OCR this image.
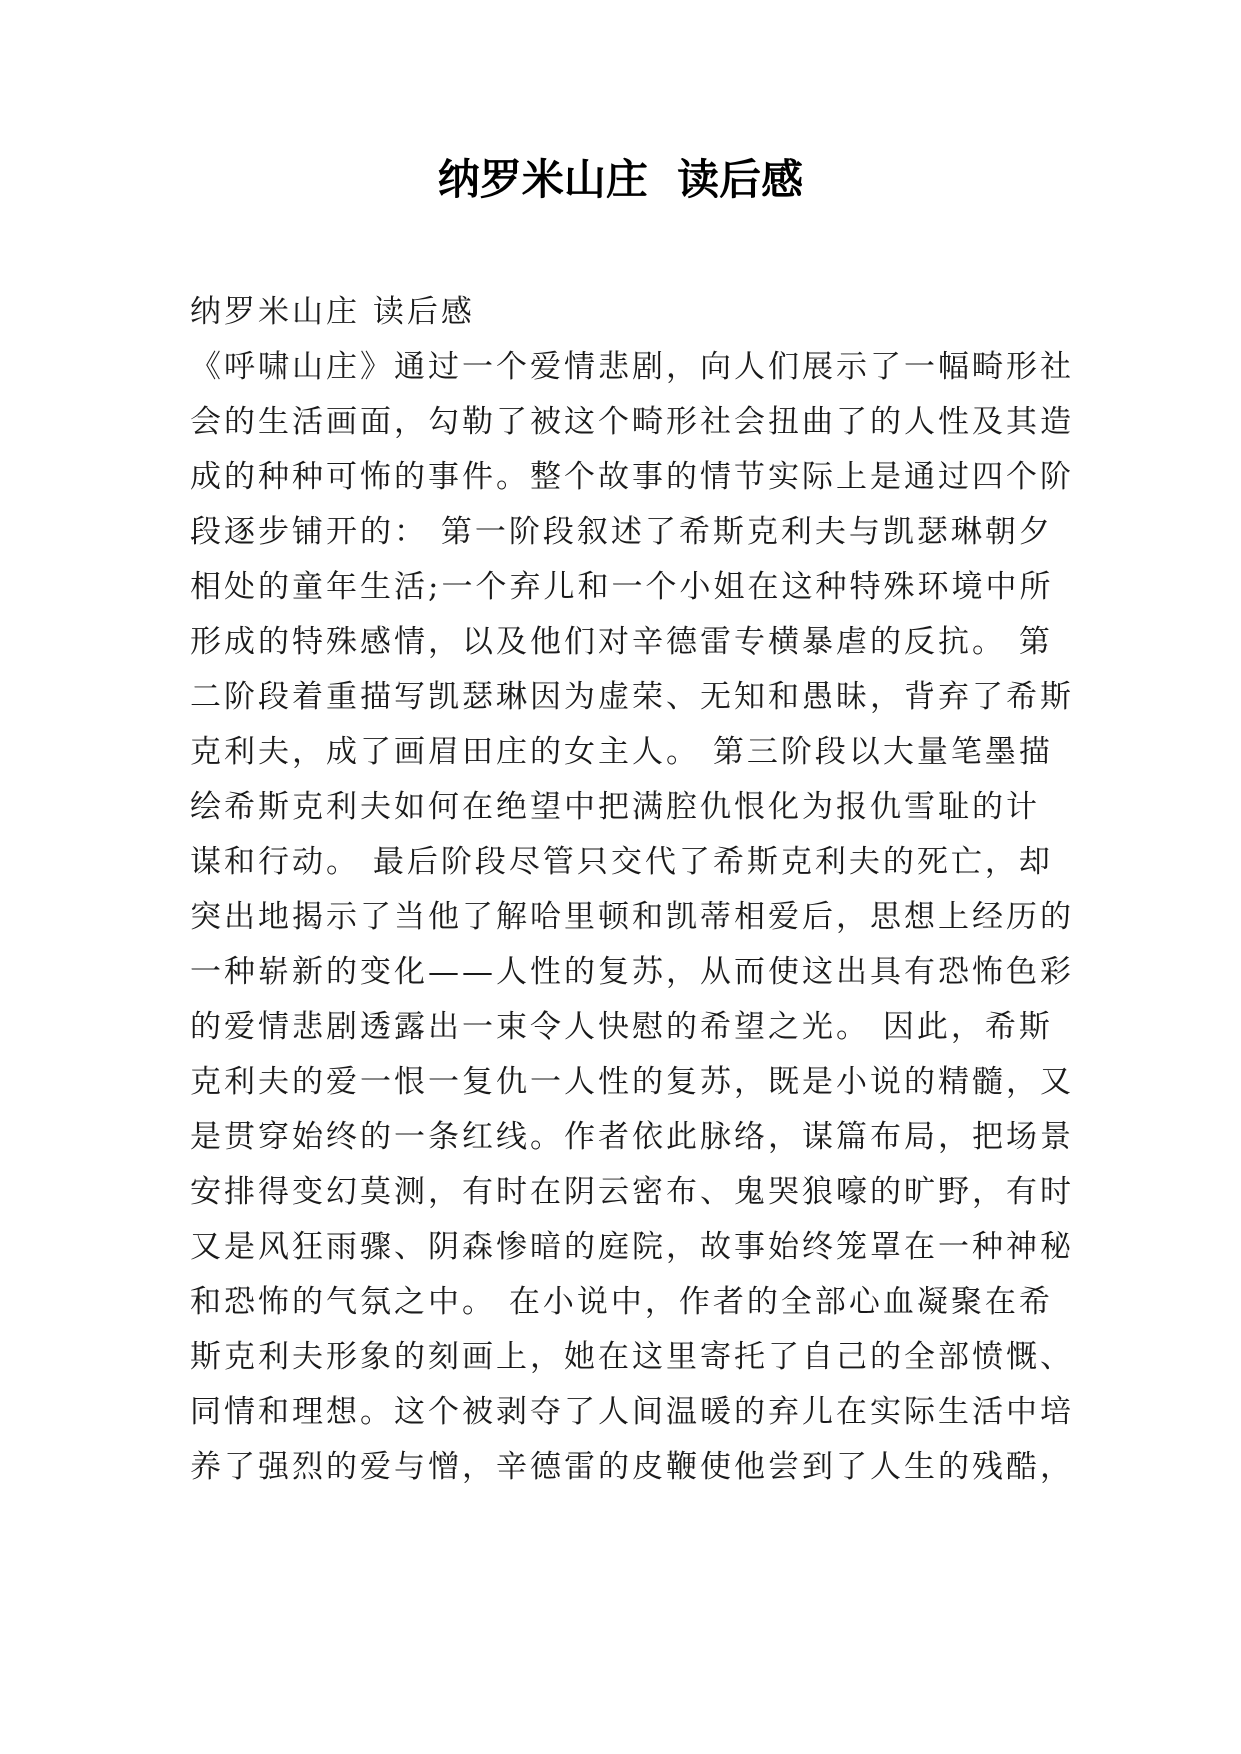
纳罗米山庄  读后感
纳罗米山庄 读后感
《呼啸山庄》通过一个爱情悲剧，向人们展示了一幅畸形社
会的生活画面，勾勒了被这个畸形社会扭曲了的人性及其造
成的种种可怖的事件。整个故事的情节实际上是通过四个阶
段逐步铺开的： 第一阶段叙述了希斯克利夫与凯瑟琳朝夕
相处的童年生活;一个弃儿和一个小姐在这种特殊环境中所
形成的特殊感情，以及他们对辛德雷专横暴虐的反抗。 第
二阶段着重描写凯瑟琳因为虚荣、无知和愚昧，背弃了希斯
克利夫，成了画眉田庄的女主人。 第三阶段以大量笔墨描
绘希斯克利夫如何在绝望中把满腔仇恨化为报仇雪耻的计
谋和行动。 最后阶段尽管只交代了希斯克利夫的死亡，却
突出地揭示了当他了解哈里顿和凯蒂相爱后，思想上经历的
一种崭新的变化——人性的复苏，从而使这出具有恐怖色彩
的爱情悲剧透露出一束令人快慰的希望之光。 因此，希斯
克利夫的爱一恨一复仇一人性的复苏，既是小说的精髓，又
是贯穿始终的一条红线。作者依此脉络，谋篇布局，把场景
安排得变幻莫测，有时在阴云密布、鬼哭狼嚎的旷野，有时
又是风狂雨骤、阴森惨暗的庭院，故事始终笼罩在一种神秘
和恐怖的气氛之中。 在小说中，作者的全部心血凝聚在希
斯克利夫形象的刻画上，她在这里寄托了自己的全部愤慨、
同情和理想。这个被剥夺了人间温暖的弃儿在实际生活中培
养了强烈的爱与憎，辛德雷的皮鞭使他尝到了人生的残酷，
